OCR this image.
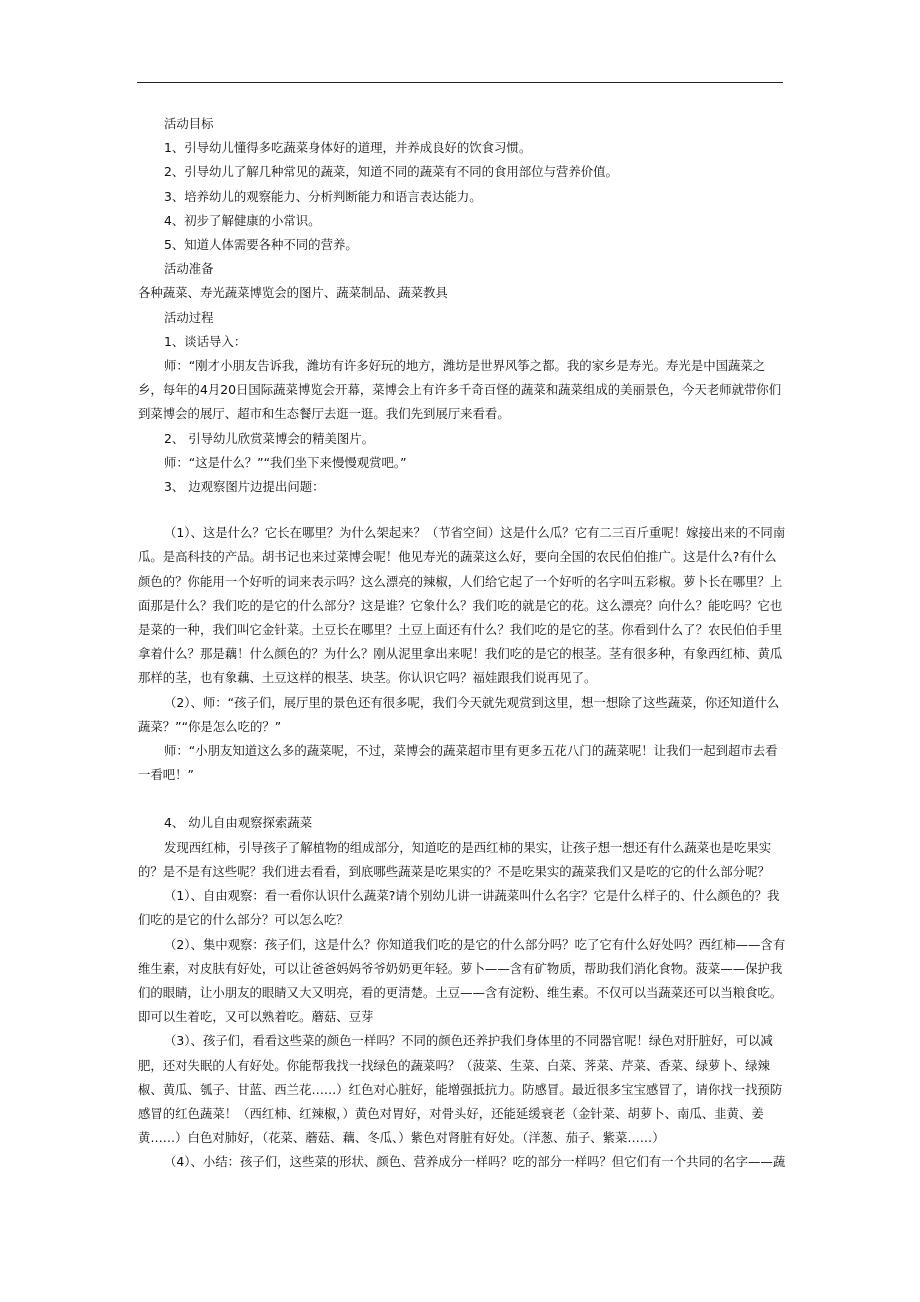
活动目标

1、引导幼儿懂得多吃蔬菜身体好的道理，并养成良好的饮食习惯。

2、引导幼儿了解几种常见的蔬菜，知道不同的蔬菜有不同的食用部位与营养价值。

3、培养幼儿的观察能力、分析判断能力和语言表达能力。

4、初步了解健康的小常识。

5、知道人体需要各种不同的营养。

活动准备

各种蔬菜、寿光蔬菜博览会的图片、蔬菜制品、蔬菜教具

活动过程

1、谈话导入：

师：“刚才小朋友告诉我，潍坊有许多好玩的地方，潍坊是世界风筝之都。我的家乡是寿光。寿光是中国蔬菜之乡，每年的4月20日国际蔬菜博览会开幕，菜博会上有许多千奇百怪的蔬菜和蔬菜组成的美丽景色，今天老师就带你们到菜博会的展厅、超市和生态餐厅去逛一逛。我们先到展厅来看看。

2、 引导幼儿欣赏菜博会的精美图片。

师：“这是什么？”“我们坐下来慢慢观赏吧。”

3、 边观察图片边提出问题：

（1）、这是什么？它长在哪里？为什么架起来？（节省空间）这是什么瓜？它有二三百斤重呢！嫁接出来的不同南瓜。是高科技的产品。胡书记也来过菜博会呢！他见寿光的蔬菜这么好，要向全国的农民伯伯推广。这是什么?有什么颜色的？你能用一个好听的词来表示吗？这么漂亮的辣椒，人们给它起了一个好听的名字叫五彩椒。萝卜长在哪里？上面那是什么？我们吃的是它的什么部分？这是谁？它象什么？我们吃的就是它的花。这么漂亮？向什么？能吃吗？它也是菜的一种，我们叫它金针菜。土豆长在哪里？土豆上面还有什么？我们吃的是它的茎。你看到什么了？农民伯伯手里拿着什么？那是藕！什么颜色的？为什么？刚从泥里拿出来呢！我们吃的是它的根茎。茎有很多种，有象西红柿、黄瓜那样的茎，也有象藕、土豆这样的根茎、块茎。你认识它吗？福娃跟我们说再见了。

（2）、师：“孩子们，展厅里的景色还有很多呢，我们今天就先观赏到这里，想一想除了这些蔬菜，你还知道什么蔬菜？”“你是怎么吃的？”

师：“小朋友知道这么多的蔬菜呢，不过，菜博会的蔬菜超市里有更多五花八门的蔬菜呢！让我们一起到超市去看一看吧！”

4、 幼儿自由观察探索蔬菜

发现西红柿，引导孩子了解植物的组成部分，知道吃的是西红柿的果实，让孩子想一想还有什么蔬菜也是吃果实的？是不是有这些呢？我们进去看看，到底哪些蔬菜是吃果实的？不是吃果实的蔬菜我们又是吃的它的什么部分呢？

（1）、自由观察：看一看你认识什么蔬菜?请个别幼儿讲一讲蔬菜叫什么名字？它是什么样子的、什么颜色的？我们吃的是它的什么部分？可以怎么吃？

（2）、集中观察：孩子们，这是什么？你知道我们吃的是它的什么部分吗？吃了它有什么好处吗？西红柿——含有维生素，对皮肤有好处，可以让爸爸妈妈爷爷奶奶更年轻。萝卜——含有矿物质，帮助我们消化食物。菠菜——保护我们的眼睛，让小朋友的眼睛又大又明亮，看的更清楚。土豆——含有淀粉、维生素。不仅可以当蔬菜还可以当粮食吃。即可以生着吃，又可以熟着吃。蘑菇、豆芽

（3）、孩子们，看看这些菜的颜色一样吗？不同的颜色还养护我们身体里的不同器官呢！绿色对肝脏好，可以减肥，还对失眠的人有好处。你能帮我找一找绿色的蔬菜吗？（菠菜、生菜、白菜、荠菜、芹菜、香菜、绿萝卜、绿辣椒、黄瓜、瓠子、甘蓝、西兰花……）红色对心脏好，能增强抵抗力。防感冒。最近很多宝宝感冒了，请你找一找预防感冒的红色蔬菜！（西红柿、红辣椒，）黄色对胃好，对骨头好，还能延缓衰老（金针菜、胡萝卜、南瓜、韭黄、姜黄……）白色对肺好，（花菜、蘑菇、藕、冬瓜、）紫色对肾脏有好处。（洋葱、茄子、紫菜……）

（4）、小结：孩子们，这些菜的形状、颜色、营养成分一样吗？吃的部分一样吗？但它们有一个共同的名字——蔬
